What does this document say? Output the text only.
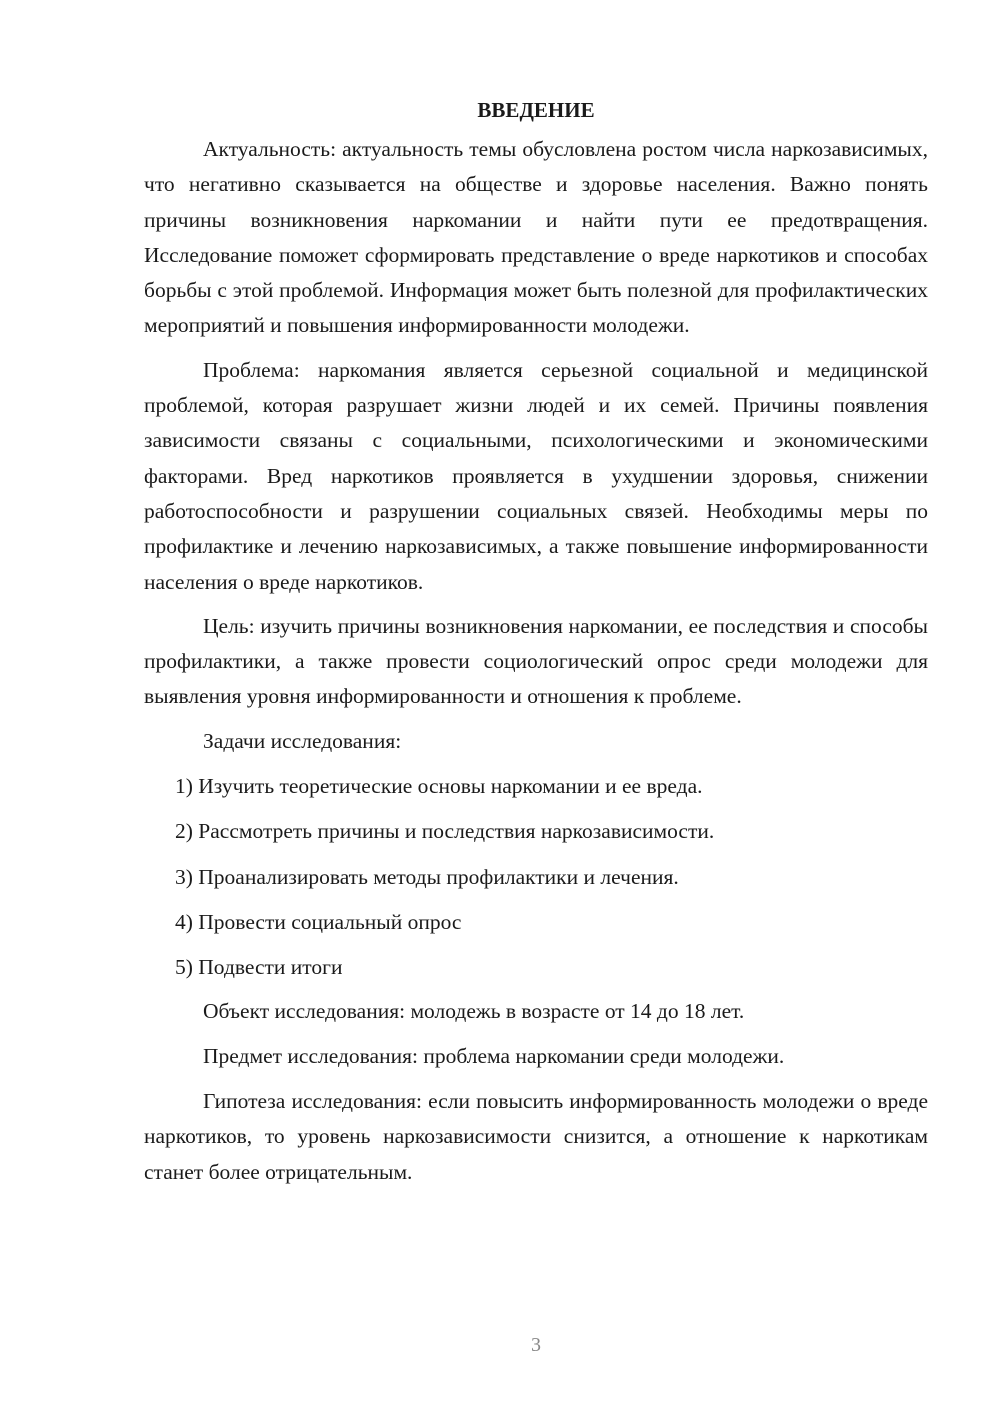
ВВЕДЕНИЕ

Актуальность: актуальность темы обусловлена ростом числа наркозависимых, что негативно сказывается на обществе и здоровье населения. Важно понять причины возникновения наркомании и найти пути ее предотвращения. Исследование поможет сформировать представление о вреде наркотиков и способах борьбы с этой проблемой. Информация может быть полезной для профилактических мероприятий и повышения информированности молодежи.

Проблема: наркомания является серьезной социальной и медицинской проблемой, которая разрушает жизни людей и их семей. Причины появления зависимости связаны с социальными, психологическими и экономическими факторами. Вред наркотиков проявляется в ухудшении здоровья, снижении работоспособности и разрушении социальных связей. Необходимы меры по профилактике и лечению наркозависимых, а также повышение информированности населения о вреде наркотиков.

Цель: изучить причины возникновения наркомании, ее последствия и способы профилактики, а также провести социологический опрос среди молодежи для выявления уровня информированности и отношения к проблеме.

Задачи исследования:

1) Изучить теоретические основы наркомании и ее вреда.
2) Рассмотреть причины и последствия наркозависимости.
3) Проанализировать методы профилактики и лечения.
4) Провести социальный опрос
5) Подвести итоги

Объект исследования: молодежь в возрасте от 14 до 18 лет.

Предмет исследования: проблема наркомании среди молодежи.

Гипотеза исследования: если повысить информированность молодежи о вреде наркотиков, то уровень наркозависимости снизится, а отношение к наркотикам станет более отрицательным.

3
